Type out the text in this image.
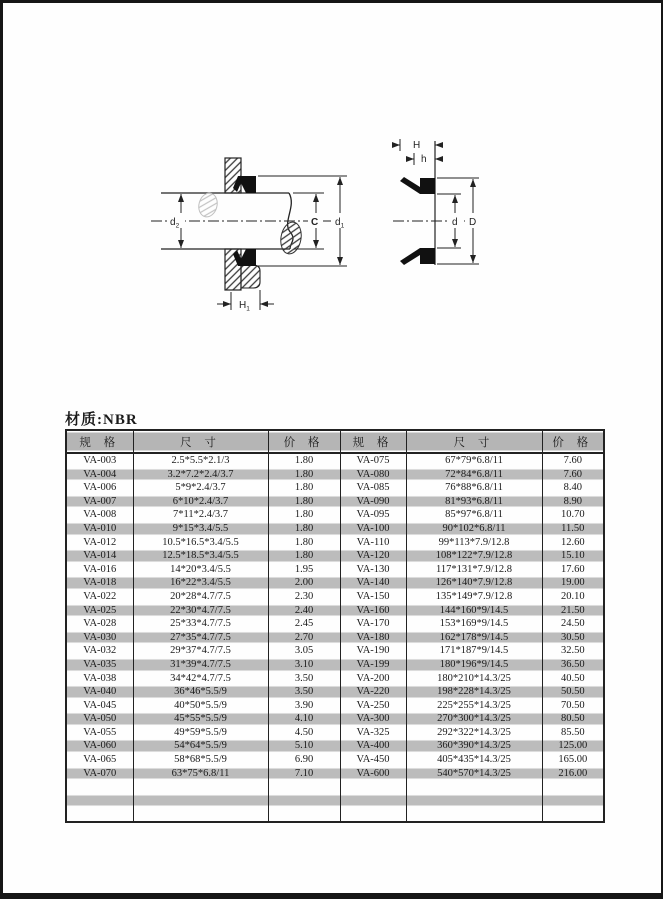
$d_2$	C $d_1$
$H_1$
H
h
d D
材质:NBR
规 格	尺 寸	价 格	规 格	尺 寸	价 格
VA-003	2.5*5.5*2.1/3	1.80	VA-075	67*79*6.8/11	7.60
VA-004	3.2*7.2*2.4/3.7	1.80	VA-080	72*84*6.8/11	7.60
VA-006	5*9*2.4/3.7	1.80	VA-085	76*88*6.8/11	8.40
VA-007	6*10*2.4/3.7	1.80	VA-090	81*93*6.8/11	8.90
VA-008	7*11*2.4/3.7	1.80	VA-095	85*97*6.8/11	10.70
VA-010	9*15*3.4/5.5	1.80	VA-100	90*102*6.8/11	11.50
VA-012	10.5*16.5*3.4/5.5	1.80	VA-110	99*113*7.9/12.8	12.60
VA-014	12.5*18.5*3.4/5.5	1.80	VA-120	108*122*7.9/12.8	15.10
VA-016	14*20*3.4/5.5	1.95	VA-130	117*131*7.9/12.8	17.60
VA-018	16*22*3.4/5.5	2.00	VA-140	126*140*7.9/12.8	19.00
VA-022	20*28*4.7/7.5	2.30	VA-150	135*149*7.9/12.8	20.10
VA-025	22*30*4.7/7.5	2.40	VA-160	144*160*9/14.5	21.50
VA-028	25*33*4.7/7.5	2.45	VA-170	153*169*9/14.5	24.50
VA-030	27*35*4.7/7.5	2.70	VA-180	162*178*9/14.5	30.50
VA-032	29*37*4.7/7.5	3.05	VA-190	171*187*9/14.5	32.50
VA-035	31*39*4.7/7.5	3.10	VA-199	180*196*9/14.5	36.50
VA-038	34*42*4.7/7.5	3.50	VA-200	180*210*14.3/25	40.50
VA-040	36*46*5.5/9	3.50	VA-220	198*228*14.3/25	50.50
VA-045	40*50*5.5/9	3.90	VA-250	225*255*14.3/25	70.50
VA-050	45*55*5.5/9	4.10	VA-300	270*300*14.3/25	80.50
VA-055	49*59*5.5/9	4.50	VA-325	292*322*14.3/25	85.50
VA-060	54*64*5.5/9	5.10	VA-400	360*390*14.3/25	125.00
VA-065	58*68*5.5/9	6.90	VA-450	405*435*14.3/25	165.00
VA-070	63*75*6.8/11	7.10	VA-600	540*570*14.3/25	216.00
